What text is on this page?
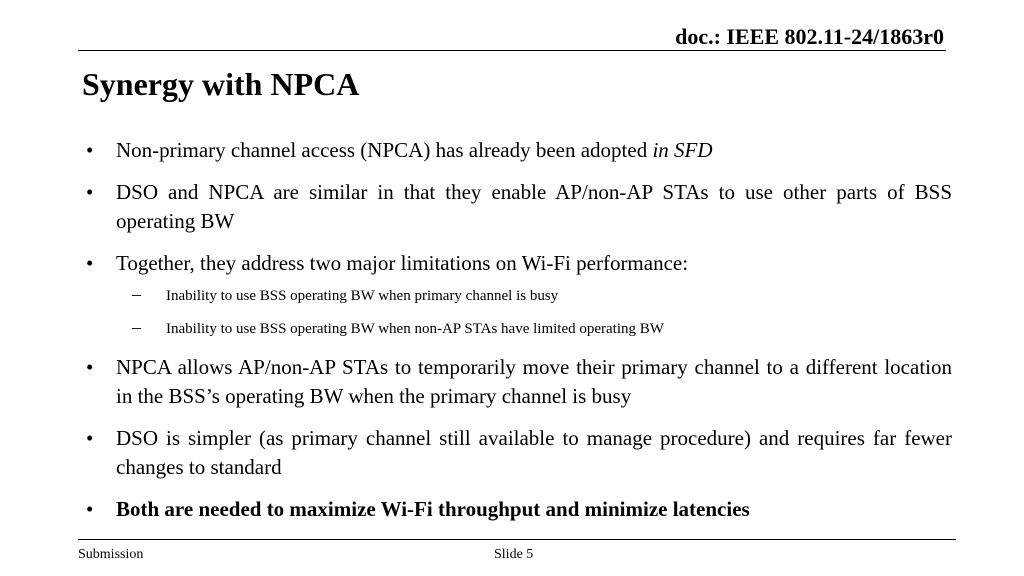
doc.: IEEE 802.11-24/1863r0
Synergy with NPCA
• Non-primary channel access (NPCA) has already been adopted in SFD
• DSO and NPCA are similar in that they enable AP/non-AP STAs to use other parts of BSS operating BW
• Together, they address two major limitations on Wi-Fi performance:
– Inability to use BSS operating BW when primary channel is busy
– Inability to use BSS operating BW when non-AP STAs have limited operating BW
• NPCA allows AP/non-AP STAs to temporarily move their primary channel to a different location in the BSS’s operating BW when the primary channel is busy
• DSO is simpler (as primary channel still available to manage procedure) and requires far fewer changes to standard
• Both are needed to maximize Wi-Fi throughput and minimize latencies
Submission	Slide 5
